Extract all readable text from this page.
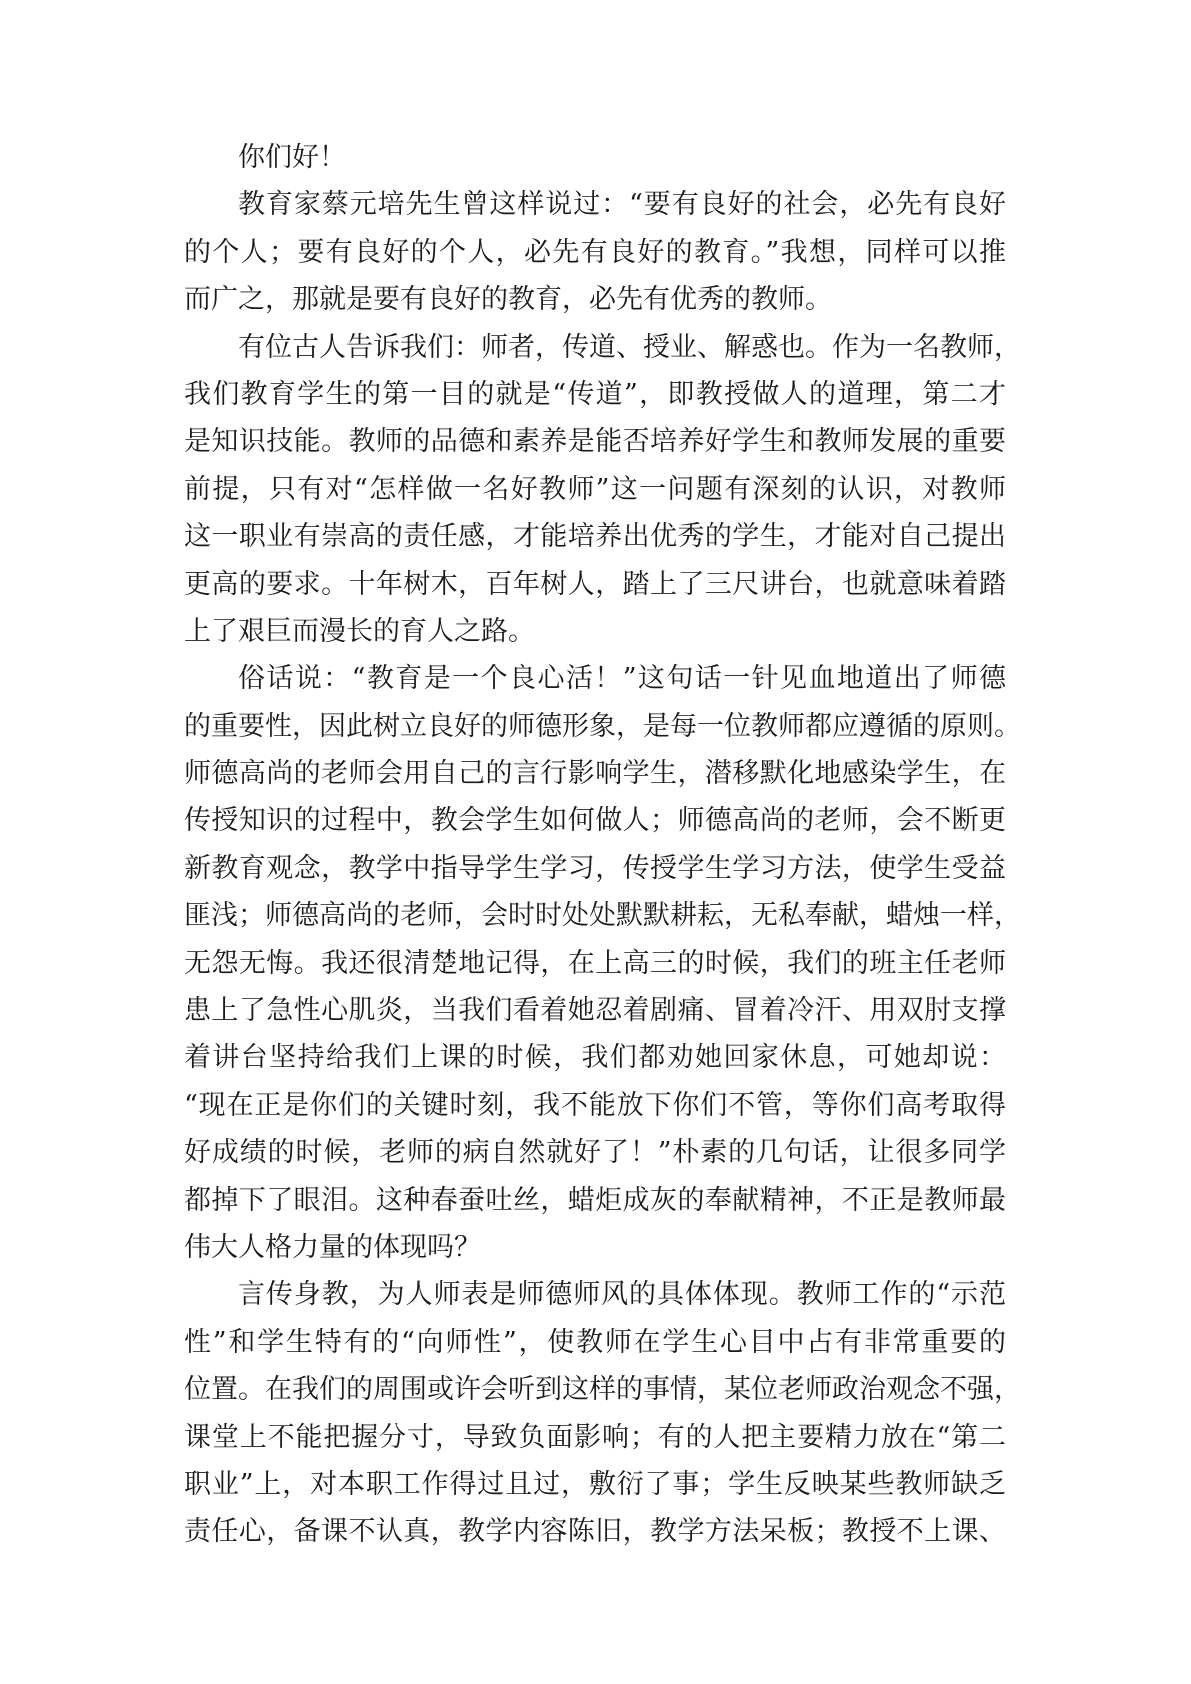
你们好！
教育家蔡元培先生曾这样说过：“要有良好的社会，必先有良好
的个人；要有良好的个人，必先有良好的教育。”我想，同样可以推
而广之，那就是要有良好的教育，必先有优秀的教师。
有位古人告诉我们：师者，传道、授业、解惑也。作为一名教师，
我们教育学生的第一目的就是“传道”，即教授做人的道理，第二才
是知识技能。教师的品德和素养是能否培养好学生和教师发展的重要
前提，只有对“怎样做一名好教师”这一问题有深刻的认识，对教师
这一职业有崇高的责任感，才能培养出优秀的学生，才能对自己提出
更高的要求。十年树木，百年树人，踏上了三尺讲台，也就意味着踏
上了艰巨而漫长的育人之路。
俗话说：“教育是一个良心活！”这句话一针见血地道出了师德
的重要性，因此树立良好的师德形象，是每一位教师都应遵循的原则。
师德高尚的老师会用自己的言行影响学生，潜移默化地感染学生，在
传授知识的过程中，教会学生如何做人；师德高尚的老师，会不断更
新教育观念，教学中指导学生学习，传授学生学习方法，使学生受益
匪浅；师德高尚的老师，会时时处处默默耕耘，无私奉献，蜡烛一样，
无怨无悔。我还很清楚地记得，在上高三的时候，我们的班主任老师
患上了急性心肌炎，当我们看着她忍着剧痛、冒着冷汗、用双肘支撑
着讲台坚持给我们上课的时候，我们都劝她回家休息，可她却说：
“现在正是你们的关键时刻，我不能放下你们不管，等你们高考取得
好成绩的时候，老师的病自然就好了！”朴素的几句话，让很多同学
都掉下了眼泪。这种春蚕吐丝，蜡炬成灰的奉献精神，不正是教师最
伟大人格力量的体现吗？
言传身教，为人师表是师德师风的具体体现。教师工作的“示范
性”和学生特有的“向师性”，使教师在学生心目中占有非常重要的
位置。在我们的周围或许会听到这样的事情，某位老师政治观念不强，
课堂上不能把握分寸，导致负面影响；有的人把主要精力放在“第二
职业”上，对本职工作得过且过，敷衍了事；学生反映某些教师缺乏
责任心，备课不认真，教学内容陈旧，教学方法呆板；教授不上课、
